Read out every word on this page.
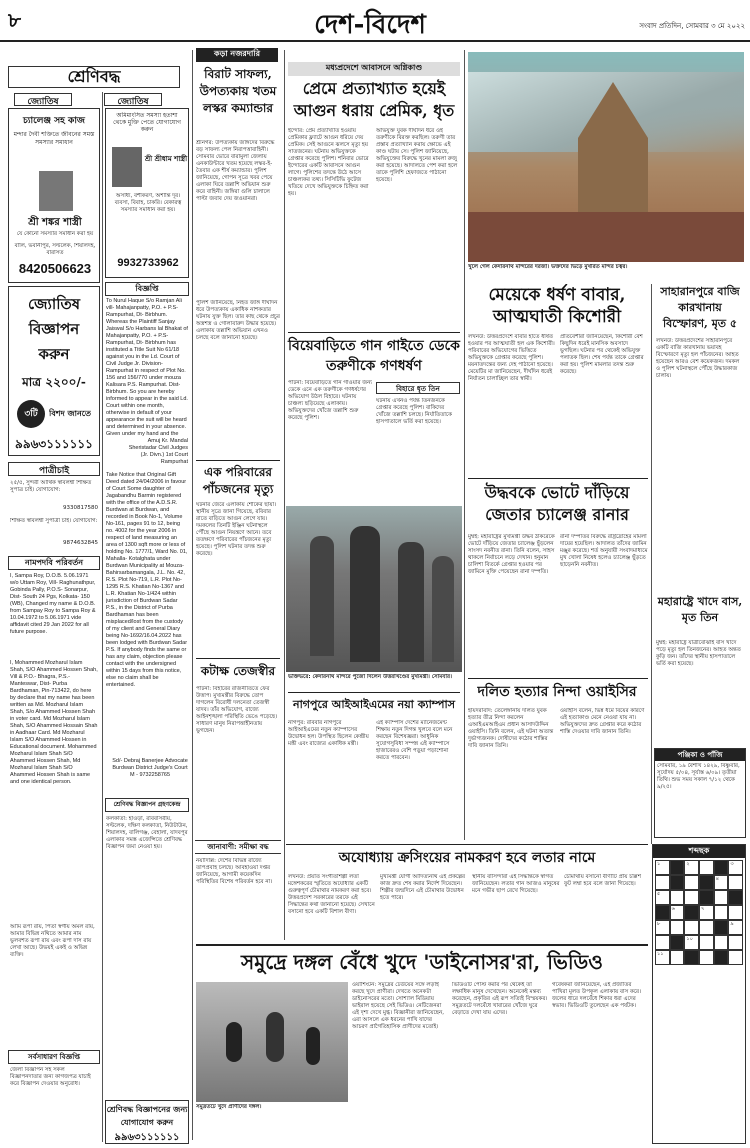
৮	দেশ-বিদেশ	সংবাদ প্রতিদিন, সোমবার ৩ মে ২০২২
শ্রেণিবদ্ধ
জ্যোতিষ	জ্যোতিষ
চ্যালেঞ্জ সহ কাজ
মন্দার দৈবী শক্তিতে জীবনের সমস্ত সমস্যার সমাধান
শ্রী শঙ্কর শাস্ত্রী
যে কোনো সমস্যার সমাধান করা হয়
বালি, ভবানীপুর, সল্টলেক, শিয়ালদহ, বারাসত
8420506623
জ্যোতিষ
বিজ্ঞাপন
করুন
মাত্র ২২০০/-
৩টি	বিশদ জানতে
৯৯৬৩১১১১১১
পাত্রীচাই
২৫/৫, সুন্দরী আর্থিক স্বাবলম্বী শিক্ষিত সুপাত্র চাই। যোগাযোগ:
9330817580
শিক্ষিত স্বাবলম্বী সুপাত্রী চাই। যোগাযোগ:
9874632845
নামপদবি পরিবর্তন
I, Sampa Roy, D.O.B. 5.06.1971 w/o Uttam Roy, Vill- Raghunathpur, Gobinda Pally, P.O.S- Sonarpur, Dist- South 24 Pgs, Kolkata- 150 (WB), Changed my name & D.O.B. from Sampay Roy to Sampa Roy & 10.04.1972 to 5.06.1971 vide affidavit cited 29 Jan 2022 for all future purpose.
I, Mohammed Mozharul Islam Shah, S/O Ahammed Hossen Shah, Vill & P.O.- Bhagra, P.S.- Manteswar, Dist- Purba Bardhaman, Pin-713422, do here by declare that my name has been written as Md. Mozharul Islam Shah, S/o Ahammed Hossen Shah in voter card. Md Mozharul Islam Shah, S/O Ahammed Hossain Shah in Aadhaar Card. Md Mozharul Islam S/O Ahammed Hossen in Educational document. Mohammed Mozharul Islam Shah S/O Ahammed Hossen Shah, Md Mozharul Islam Shah S/O Ahammed Hossen Shah is same and one identical person.
আমি রূপা রায়, পিতা স্বর্গীয় অমল রায়, আমার বিভিন্ন নথিতে আমার নাম ভুলবশত রূপা রায় এবং রূপা দাস রায় লেখা আছে। উভয়ই একই ও অভিন্ন ব্যক্তি।
সর্বসাধারণ বিজ্ঞপ্তি
জেলা বিজ্ঞাপন সহ সকল বিজ্ঞাপনদাতার জন্য কাগজপত্র যাচাই করে বিজ্ঞাপন দেওয়ার অনুরোধ।
অমিমাংসিত সমস্যা হতাশা থেকে মুক্তি পেতে যোগাযোগ করুন
শ্রী শ্রীধাম শাস্ত্রী
অসাধ্য, বশীকরণ, অশান্তি দূর। ব্যবসা, বিবাহ, চাকরি। বেকারত্ব সমস্যার সমাধান করা হয়।
9932733962
বিজ্ঞপ্তি
To Nurul Haque S/o Ramjan Ali vill- Mahajanpatty, P.O. + P.S- Rampurhat, Dt- Birbhum. Whereas the Plaintiff Sanjay Jaiswal S/o Harbans lal Bhakat of Mahajanpatty, P.O. + P.S- Rampurhat, Dt- Birbhum has instituted a Title Suit No 61/18 against you in the Ld. Court of Civil Judge Jr. Division- Rampurhat in respect of Plot No. 156 and 156/770 under mouza Kalisara P.S. Rampurhat. Dist-Birbhum. So you are hereby informed to appear in the said Ld. Court within one month, otherwise in default of your appearance the suit will be heard and determined in your absence. Given under my hand and the
Amuj Kr. Mandal Sheristadar Civil Judges (Jr. Divn.) 1st Court Rampurhat
Take Notice that Original Gift Deed dated 24/04/2006 in favour of Court Some daughter of Jagabandhu Barmin registered with the office of the A.D.S.R. Burdwan at Burdwan, and recorded in Book No-1, Volume No-161, pages 91 to 12, being no. 4002 for the year 2006 in respect of land measuring an area of 1300 sqft more or less of holding No. 1777/1, Ward No. 01, Mahalla- Kotalghata under Burdwan Municipality at Mouza- Bahirsarbamangala, J.L. No. 42, R.S. Plot No-719, L.R. Plot No-1295 R.S. Khatian No-1367 and L.R. Khatian No-1/424 within jurisdiction of Burdwan Sadar P.S., in the District of Purba Bardhaman has been misplaced/lost from the custody of my client and General Diary being No-1692/16.04.2022 has been lodged with Burdwan Sadar P.S. If anybody finds the same or has any claim, objection please contact with the undersigned within 15 days from this notice, else no claim shall be entertained.
Sd/- Debraj Banerjee Advocate Burdwan District Judge's Court M - 9732258765
শ্রেণিবদ্ধ বিজ্ঞাপন গ্রহণকেন্দ্র
কলকাতা: হাওড়া, রবিবাসরীয়, সল্টলেক, দক্ষিণ কলকাতা, নিউটাউন, শিয়ালদহ, বালিগঞ্জ, বেহালা, যাদবপুর এলাকার সমস্ত এজেন্সিতে শ্রেণিবদ্ধ বিজ্ঞাপন জমা নেওয়া হয়।
শ্রেণিবদ্ধ বিজ্ঞাপনের জন্য যোগাযোগ করুন
৯৯৬৩১১১১১১
কড়া নজরদারি
বিরাট সাফল্য, উপত্যকায় খতম লস্কর কম্যান্ডার
শ্রীনগর: উপত্যকায় জঙ্গিদের বিরুদ্ধে বড় সাফল্য পেল নিরাপত্তাবাহিনী। সোমবার ভোরে বারামুলা জেলায় এনকাউন্টারে খতম হয়েছে লস্কর-ই-তৈবার এক শীর্ষ কম্যান্ডার। পুলিশ জানিয়েছে, গোপন সূত্রে খবর পেয়ে এলাকা ঘিরে তল্লাশি অভিযান শুরু করে বাহিনী। জঙ্গিরা গুলি চালালে পাল্টা জবাব দেয় জওয়ানরা।
পুলিশ জানিয়েছে, নিহত জঙ্গি দীর্ঘদিন ধরে উপত্যকায় একাধিক নাশকতার ঘটনায় যুক্ত ছিল। তার কাছ থেকে প্রচুর অস্ত্রশস্ত্র ও গোলাবারুদ উদ্ধার হয়েছে। এলাকায় তল্লাশি অভিযান এখনও চলছে বলে জানানো হয়েছে।
এক পরিবারের পাঁচজনের মৃত্যু
ঘটনার জেরে এলাকায় শোকের ছায়া। স্থানীয় সূত্রে জানা গিয়েছে, রবিবার রাতে বাড়িতে আগুন লেগে যায়। দমকলের তিনটি ইঞ্জিন ঘটনাস্থলে পৌঁছে আগুন নিয়ন্ত্রণে আনে। তবে ততক্ষণে পরিবারের পাঁচজনের মৃত্যু হয়েছে। পুলিশ ঘটনার তদন্ত শুরু করেছে।
কটাক্ষ তেজস্বীর
পাটনা: বিহারের রাজনীতিতে ফের উত্তাপ। মুখ্যমন্ত্রীর বিরুদ্ধে তোপ দাগলেন বিরোধী দলনেতা তেজস্বী যাদব। তাঁর অভিযোগ, রাজ্যে আইনশৃঙ্খলা পরিস্থিতি ভেঙে পড়েছে। সাধারণ মানুষ নিরাপত্তাহীনতায় ভুগছেন।
জানাবাণী: সমীক্ষা বদ্ধ
নয়াদিল্লি: দেশের বিভিন্ন রাজ্যে তাপপ্রবাহ চলছে। আবহাওয়া দপ্তর জানিয়েছে, আগামী কয়েকদিন পরিস্থিতির বিশেষ পরিবর্তন হবে না।
মধ্যপ্রদেশে আবাসনে অগ্নিকাণ্ড
প্রেমে প্রত্যাখ্যাত হয়েই আগুন ধরায় প্রেমিক, ধৃত
ইন্দোর: প্রেম প্রত্যাখ্যাত হওয়ায় প্রেমিকার ফ্ল্যাটে আগুন ধরিয়ে দেয় প্রেমিক। সেই আগুনে ঝলসে মৃত্যু হয় সাতজনের। ঘটনায় অভিযুক্তকে গ্রেপ্তার করেছে পুলিশ। শনিবার ভোরে ইন্দোরের একটি আবাসনে আগুন লাগে। পুলিশের তদন্তে উঠে আসে চাঞ্চল্যকর তথ্য। সিসিটিভি ফুটেজ খতিয়ে দেখে অভিযুক্তকে চিহ্নিত করা হয়।
অভিযুক্ত যুবক দীর্ঘদিন ধরে ওই তরুণীকে বিরক্ত করছিল। তরুণী তার প্রস্তাব প্রত্যাখ্যান করায় ক্ষোভে এই কাণ্ড ঘটায় সে। পুলিশ জানিয়েছে, অভিযুক্তের বিরুদ্ধে খুনের মামলা রুজু করা হয়েছে। আদালতে পেশ করা হলে তাকে পুলিশি হেফাজতে পাঠানো হয়েছে।
বিয়েবাড়িতে গান গাইতে ডেকে তরুণীকে গণধর্ষণ
পাটনা: বিয়েবাড়িতে গান গাওয়ার জন্য ডেকে এনে এক তরুণীকে গণধর্ষণের অভিযোগ উঠল বিহারে। ঘটনায় চাঞ্চল্য ছড়িয়েছে এলাকায়। অভিযুক্তদের খোঁজে তল্লাশি শুরু করেছে পুলিশ।
বিহারে ধৃত তিন
ঘটনায় এখনও পর্যন্ত তিনজনকে গ্রেপ্তার করেছে পুলিশ। বাকিদের খোঁজে তল্লাশি চলছে। নির্যাতিতাকে হাসপাতালে ভর্তি করা হয়েছে।
ভক্তিভরে: কেদারনাথ মন্দিরে পুজো দিলেন উত্তরাখণ্ডের মুখ্যমন্ত্রী। সোমবার।
নাগপুরে আইআইএমের নয়া ক্যাম্পাস
নাগপুর: রবিবার নাগপুরে আইআইএমের নতুন ক্যাম্পাসের উদ্বোধন হল। উপস্থিত ছিলেন কেন্দ্রীয় মন্ত্রী এবং রাজ্যের একাধিক মন্ত্রী।
এই ক্যাম্পাস দেশের ম্যানেজমেন্ট শিক্ষায় নতুন দিগন্ত খুলবে বলে মনে করছেন বিশেষজ্ঞরা। আধুনিক সুযোগসুবিধা সম্পন্ন এই ক্যাম্পাসে হাজারেরও বেশি পড়ুয়া পড়াশোনা করতে পারবেন।
খুলে গেল কেদারনাথ মন্দিরের দরজা। ভক্তদের ভিড়ে মুখরিত মন্দির চত্বর।
মেয়েকে ধর্ষণ বাবার, আত্মঘাতী কিশোরী
লখনউ: উত্তরপ্রদেশে বাবার হাতে ধর্ষিত হওয়ার পর আত্মঘাতী হল এক কিশোরী। পরিবারের অভিযোগের ভিত্তিতে অভিযুক্তকে গ্রেপ্তার করেছে পুলিশ। ময়নাতদন্তের জন্য দেহ পাঠানো হয়েছে। মেয়েটির মা জানিয়েছেন, দীর্ঘদিন ধরেই নির্যাতন চালাচ্ছিল তার স্বামী।
প্রতিবেশীরা জানিয়েছেন, কিশোরী বেশ কিছুদিন ধরেই মানসিক অবসাদে ভুগছিল। ঘটনার পর থেকেই অভিযুক্ত পলাতক ছিল। শেষ পর্যন্ত তাকে গ্রেপ্তার করা হয়। পুলিশ মামলার তদন্ত শুরু করেছে।
সাহারানপুরে বাজি কারখানায় বিস্ফোরণ, মৃত ৫
লখনউ: উত্তরপ্রদেশের সাহারানপুরে একটি বাজি কারখানায় ভয়াবহ বিস্ফোরণে মৃত্যু হল পাঁচজনের। আহত হয়েছেন আরও বেশ কয়েকজন। দমকল ও পুলিশ ঘটনাস্থলে পৌঁছে উদ্ধারকাজ চালায়।
উদ্ধবকে ভোটে দাঁড়িয়ে জেতার চ্যালেঞ্জ রানার
মুম্বই: মহারাষ্ট্রের মুখ্যমন্ত্রী উদ্ধব ঠাকরেকে ভোটে দাঁড়িয়ে জেতার চ্যালেঞ্জ ছুঁড়লেন সাংসদ নবনীত রানা। তিনি বলেন, সাহস থাকলে নির্বাচনে লড়ে দেখান। হনুমান চালিশা বিতর্কে গ্রেপ্তার হওয়ার পর জামিনে মুক্তি পেয়েছেন রানা দম্পতি।
রানা দম্পতির বিরুদ্ধে রাষ্ট্রদ্রোহের মামলা দায়ের হয়েছিল। আদালত তাঁদের জামিন মঞ্জুর করেছে। শর্ত অনুযায়ী সংবাদমাধ্যমে মুখ খোলা নিষেধ হলেও চ্যালেঞ্জ ছুঁড়তে ছাড়েননি নবনীত।
মহারাষ্ট্রে খাদে বাস, মৃত তিন
মুম্বই: মহারাষ্ট্রে যাত্রীবোঝাই বাস খাদে পড়ে মৃত্যু হল তিনজনের। আহত অন্তত কুড়ি জন। তাঁদের স্থানীয় হাসপাতালে ভর্তি করা হয়েছে।
দলিত হত্যার নিন্দা ওয়াইসির
হায়দরাবাদ: তেলেঙ্গানায় দলিত যুবক হত্যার তীব্র নিন্দা করলেন এআইএমআইএম প্রধান আসাদউদ্দিন ওয়াইসি। তিনি বলেন, এই ঘটনা অত্যন্ত দুর্ভাগ্যজনক। দোষীদের কঠোর শাস্তির দাবি জানান তিনি।
ওয়াইসি বলেন, ভিন্ন ধর্মে বিয়ের কারণে এই হত্যাকাণ্ড মেনে নেওয়া যায় না। অভিযুক্তদের দ্রুত গ্রেপ্তার করে কঠোর শাস্তি দেওয়ার দাবি জানান তিনি।
পঞ্জিকা ও পাঁজি
সোমবার, ১৯ বৈশাখ ১৪২৯, বিষ্ণুবার, সূর্যোদয় ৫/০৪, সূর্যাস্ত ৬/০৯। তৃতীয়া তিথি। শুভ সময় সকাল ৭/১২ থেকে ৯/২৫।
অযোধ্যায় ক্রসিংয়ের নামকরণ হবে লতার নামে
লখনউ: প্রয়াত সংগীতশিল্পী লতা মঙ্গেশকরের স্মৃতিতে অযোধ্যার একটি গুরুত্বপূর্ণ চৌমাথার নামকরণ করা হবে। উত্তরপ্রদেশ সরকারের তরফে এই সিদ্ধান্তের কথা জানানো হয়েছে। সেখানে বসানো হবে একটি বিশাল বীণা।
মুখ্যমন্ত্রী যোগী আদিত্যনাথ এই প্রকল্পের কাজ দ্রুত শেষ করার নির্দেশ দিয়েছেন। শিল্পীর জন্মদিনে এই চৌমাথার উদ্বোধন হতে পারে।
স্থানীয় বাসিন্দারা এই সিদ্ধান্তকে স্বাগত জানিয়েছেন। লতার গান আজও মানুষের মনে গভীর ছাপ রেখে গিয়েছে।
চৌমাথায় বসানো বীণাটি প্রায় চল্লিশ ফুট লম্বা হবে বলে জানা গিয়েছে।
শব্দছক
১	২	৩
৪
৫
৬	৭
৮	৯
১০
১১
সমুদ্রে দঙ্গল বেঁধে খুদে 'ডাইনোসর'রা, ভিডিও
সমুদ্রতটে খুদে প্রাণীদের দঙ্গল।
ওয়াশিংটন: সমুদ্রের ঢেউয়ের সঙ্গে লড়াই করছে খুদে প্রাণীরা। দেখতে অনেকটা ডাইনোসরের মতো। সোশ্যাল মিডিয়ায় ভাইরাল হয়েছে সেই ভিডিও। নেটিজেনরা এই দৃশ্য দেখে মুগ্ধ। বিজ্ঞানীরা জানিয়েছেন, এরা আসলে এক ধরনের পাখি যাদের আচরণ প্রাগৈতিহাসিক প্রাণীদের মতোই।
ভিডিওটি পোস্ট করার পর থেকেই তা লক্ষাধিক মানুষ দেখেছেন। অনেকেই মন্তব্য করেছেন, প্রকৃতির এই রূপ সত্যিই বিস্ময়কর। সমুদ্রতটে দলবেঁধে খাবারের খোঁজে ঘুরে বেড়াতে দেখা যায় এদের।
গবেষকরা জানিয়েছেন, এই প্রজাতির পাখিরা মূলত উপকূল এলাকায় বাস করে। জলের ধারে দলবেঁধে শিকার ধরা এদের স্বভাব। ভিডিওটি তুলেছেন এক পর্যটক।
